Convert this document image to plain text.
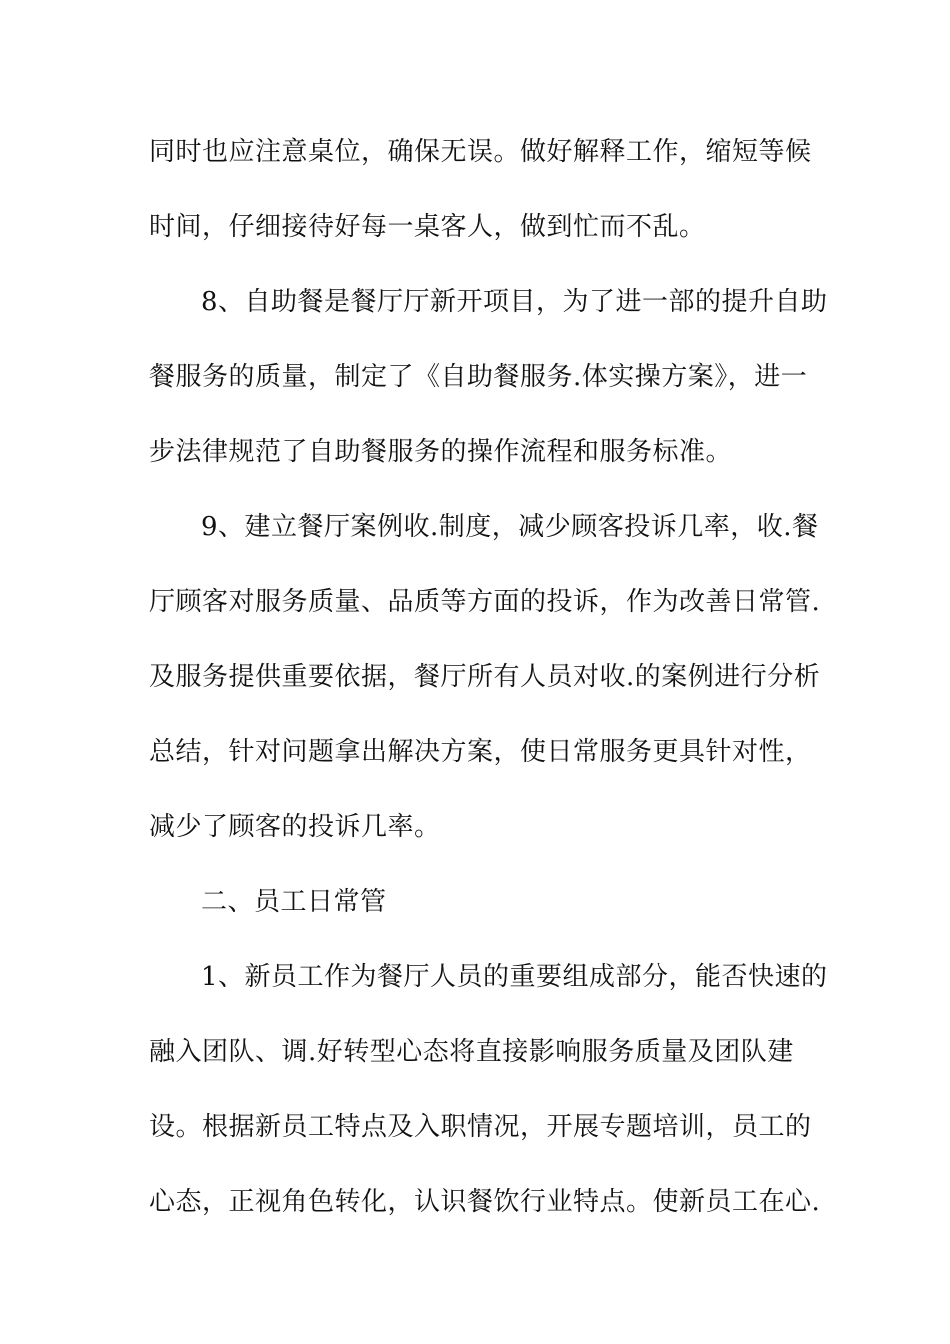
同时也应注意桌位，确保无误。做好解释工作，缩短等候
时间，仔细接待好每一桌客人，做到忙而不乱。
8、自助餐是餐厅厅新开项目，为了进一部的提升自助
餐服务的质量，制定了《自助餐服务.体实操方案》，进一
步法律规范了自助餐服务的操作流程和服务标准。
9、建立餐厅案例收.制度，减少顾客投诉几率，收.餐
厅顾客对服务质量、品质等方面的投诉，作为改善日常管.
及服务提供重要依据，餐厅所有人员对收.的案例进行分析
总结，针对问题拿出解决方案，使日常服务更具针对性，
减少了顾客的投诉几率。
二、员工日常管
1、新员工作为餐厅人员的重要组成部分，能否快速的
融入团队、调.好转型心态将直接影响服务质量及团队建
设。根据新员工特点及入职情况，开展专题培训，员工的
心态，正视角色转化，认识餐饮行业特点。使新员工在心.
